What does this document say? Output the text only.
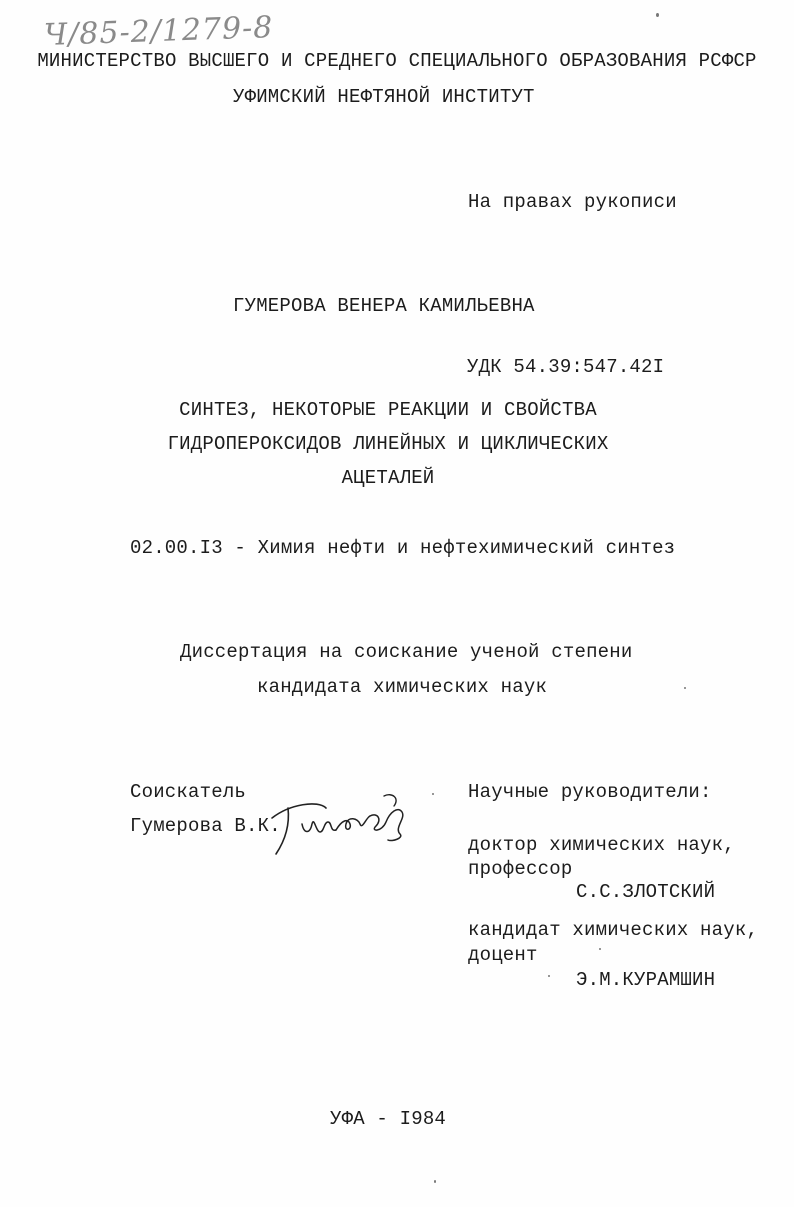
Ч/85-2/1279-8
МИНИСТЕРСТВО ВЫСШЕГО И СРЕДНЕГО СПЕЦИАЛЬНОГО ОБРАЗОВАНИЯ РСФСР
УФИМСКИЙ НЕФТЯНОЙ ИНСТИТУТ
На правах рукописи
ГУМЕРОВА ВЕНЕРА КАМИЛЬЕВНА
УДК 54.39:547.42I
СИНТЕЗ, НЕКОТОРЫЕ РЕАКЦИИ И СВОЙСТВА
ГИДРОПЕРОКСИДОВ ЛИНЕЙНЫХ И ЦИКЛИЧЕСКИХ
АЦЕТАЛЕЙ
02.00.I3 - Химия нефти и нефтехимический синтез
Диссертация на соискание ученой степени
кандидата химических наук
Соискатель
Гумерова В.К.
Научные руководители:
доктор химических наук,
профессор
С.С.ЗЛОТСКИЙ
кандидат химических наук,
доцент
Э.М.КУРАМШИН
УФА - I984
